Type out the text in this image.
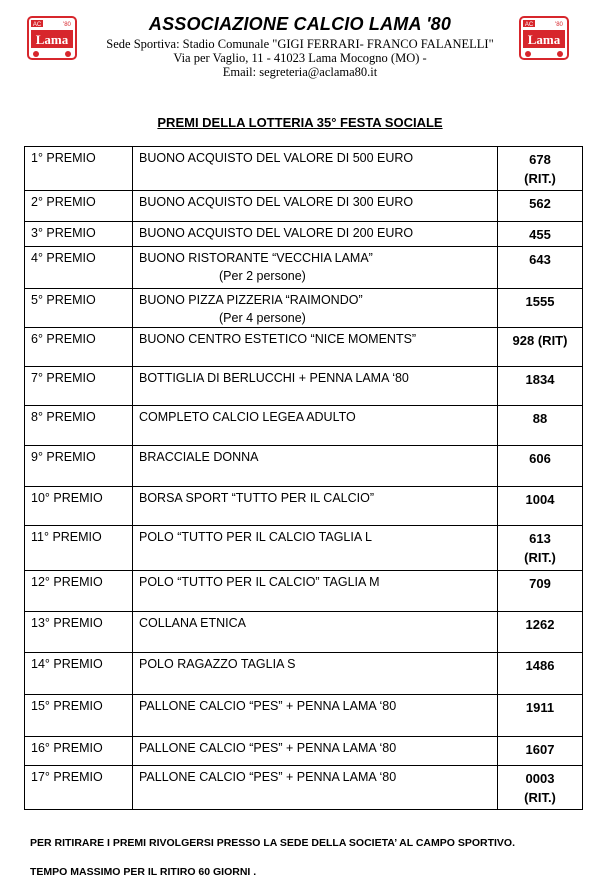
AC	'80
Lama
AC	'80
Lama
ASSOCIAZIONE CALCIO LAMA '80
Sede Sportiva: Stadio Comunale "GIGI FERRARI- FRANCO FALANELLI"
Via per Vaglio, 11 - 41023 Lama Mocogno (MO) -
Email: segreteria@aclama80.it
PREMI DELLA LOTTERIA 35° FESTA SOCIALE
1° PREMIO	BUONO ACQUISTO DEL VALORE DI 500 EURO	678
(RIT.)

2° PREMIO	BUONO ACQUISTO DEL VALORE DI 300 EURO	562

3° PREMIO	BUONO ACQUISTO DEL VALORE DI 200 EURO	455

4° PREMIO	BUONO RISTORANTE “VECCHIA LAMA”
(Per 2 persone)	643

5° PREMIO	BUONO PIZZA PIZZERIA “RAIMONDO”
(Per 4 persone)	1555

6° PREMIO	BUONO CENTRO ESTETICO “NICE MOMENTS”	928 (RIT)

7° PREMIO	BOTTIGLIA DI BERLUCCHI + PENNA LAMA ‘80	1834

8° PREMIO	COMPLETO CALCIO LEGEA ADULTO	88

9° PREMIO	BRACCIALE DONNA	606

10° PREMIO	BORSA SPORT “TUTTO PER IL CALCIO”	1004

11° PREMIO	POLO “TUTTO PER IL CALCIO TAGLIA L	613
(RIT.)

12° PREMIO	POLO “TUTTO PER IL CALCIO” TAGLIA M	709

13° PREMIO	COLLANA ETNICA	1262

14° PREMIO	POLO RAGAZZO TAGLIA S	1486

15° PREMIO	PALLONE CALCIO “PES” + PENNA LAMA ‘80	1911

16° PREMIO	PALLONE CALCIO “PES” + PENNA LAMA ‘80	1607

17° PREMIO	PALLONE CALCIO “PES” + PENNA LAMA ‘80	0003
(RIT.)
PER RITIRARE I PREMI RIVOLGERSI PRESSO LA SEDE DELLA SOCIETA’ AL CAMPO SPORTIVO.
TEMPO MASSIMO PER IL RITIRO 60 GIORNI .
